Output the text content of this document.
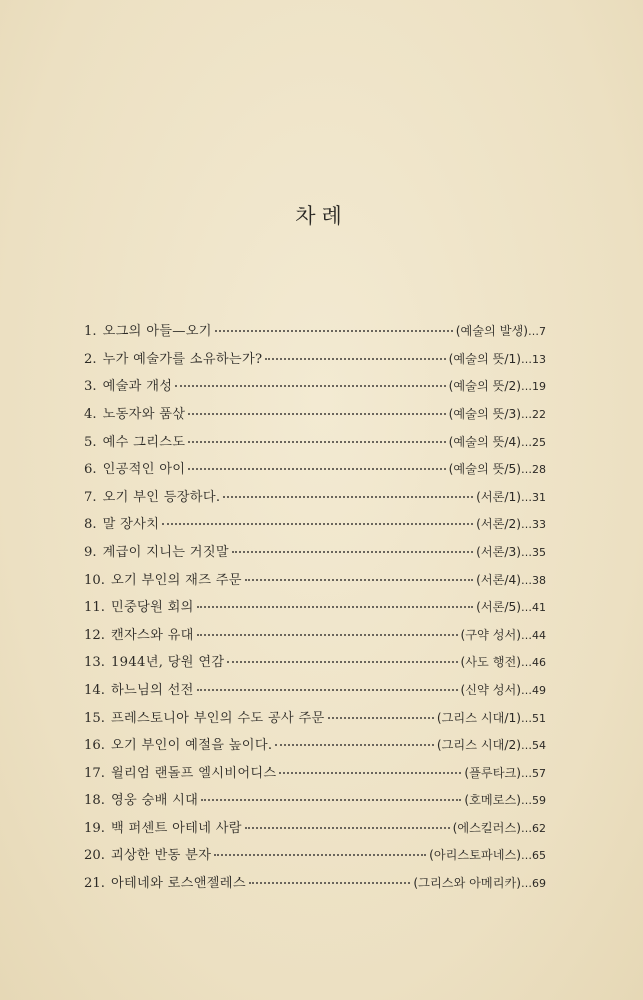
차례
1. 오그의 아들—오기	(예술의 발생)	… 7
2. 누가 예술가를 소유하는가?	(예술의 뜻/1)	… 13
3. 예술과 개성	(예술의 뜻/2)	… 19
4. 노동자와 품삯	(예술의 뜻/3)	… 22
5. 예수 그리스도	(예술의 뜻/4)	… 25
6. 인공적인 아이	(예술의 뜻/5)	… 28
7. 오기 부인 등장하다.	(서론/1)	… 31
8. 말 장사치	(서론/2)	… 33
9. 계급이 지니는 거짓말	(서론/3)	… 35
10. 오기 부인의 재즈 주문	(서론/4)	… 38
11. 민중당원 회의	(서론/5)	… 41
12. 캔자스와 유대	(구약 성서)	… 44
13. 1944년, 당원 연감	(사도 행전)	… 46
14. 하느님의 선전	(신약 성서)	… 49
15. 프레스토니아 부인의 수도 공사 주문	(그리스 시대/1)	… 51
16. 오기 부인이 예절을 높이다.	(그리스 시대/2)	… 54
17. 윌리엄 랜돌프 엘시비어디스	(플루타크)	… 57
18. 영웅 숭배 시대	(호메로스)	… 59
19. 백 퍼센트 아테네 사람	(에스킬러스)	… 62
20. 괴상한 반동 분자	(아리스토파네스)	… 65
21. 아테네와 로스앤젤레스	(그리스와 아메리카)	… 69
